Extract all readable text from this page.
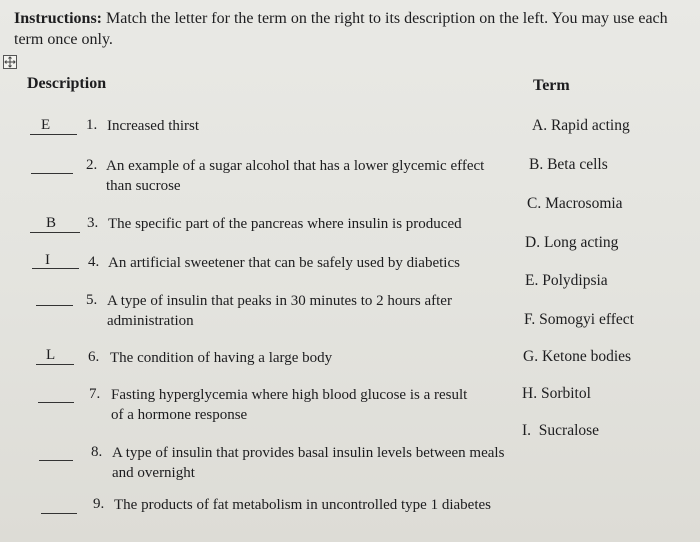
Instructions: Match the letter for the term on the right to its description on the left. You may use each term once only.
Description	Term
E 1. Increased thirst
2. An example of a sugar alcohol that has a lower glycemic effect than sucrose
B 3. The specific part of the pancreas where insulin is produced
I	4. An artificial sweetener that can be safely used by diabetics
5. A type of insulin that peaks in 30 minutes to 2 hours after administration
L 6. The condition of having a large body
7. Fasting hyperglycemia where high blood glucose is a result of a hormone response
8. A type of insulin that provides basal insulin levels between meals and overnight
9. The products of fat metabolism in uncontrolled type 1 diabetes
A. Rapid acting
B. Beta cells
C. Macrosomia
D. Long acting
E. Polydipsia
F. Somogyi effect
G. Ketone bodies
H. Sorbitol
I.  Sucralose
